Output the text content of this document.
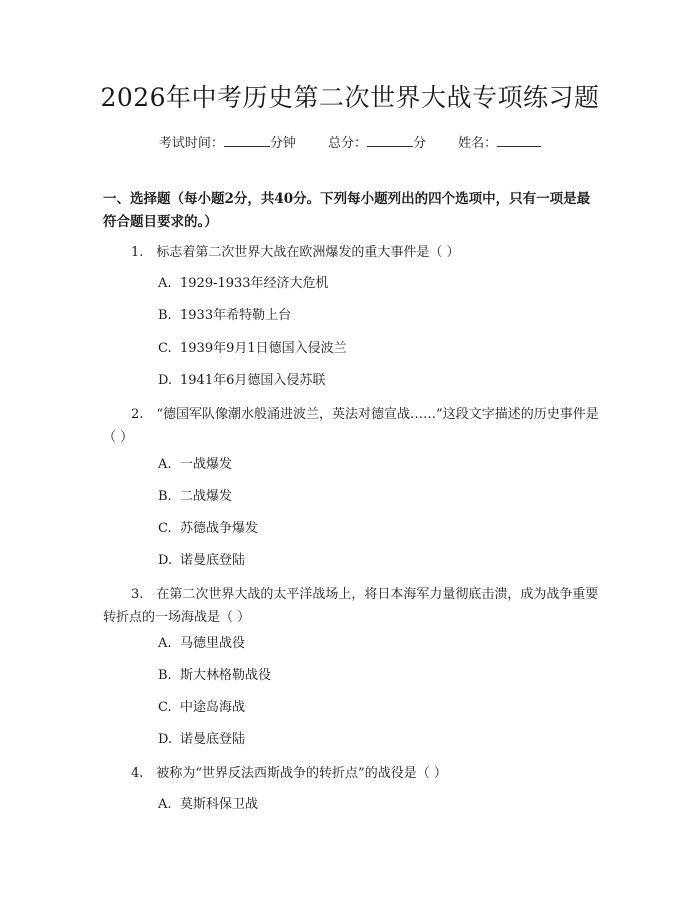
2026年中考历史第二次世界大战专项练习题
考试时间：	分钟 总分：	分 姓名：
一、选择题（每小题2分，共40分。下列每小题列出的四个选项中，只有一项是最符合题目要求的。）
1.　标志着第二次世界大战在欧洲爆发的重大事件是（ ）
A. 1929-1933年经济大危机
B. 1933年希特勒上台
C. 1939年9月1日德国入侵波兰
D. 1941年6月德国入侵苏联
2.　“德国军队像潮水般涌进波兰，英法对德宣战……”这段文字描述的历史事件是（ ）
A. 一战爆发
B. 二战爆发
C. 苏德战争爆发
D. 诺曼底登陆
3.　在第二次世界大战的太平洋战场上，将日本海军力量彻底击溃，成为战争重要转折点的一场海战是（ ）
A. 马德里战役
B. 斯大林格勒战役
C. 中途岛海战
D. 诺曼底登陆
4.　被称为“世界反法西斯战争的转折点”的战役是（ ）
A. 莫斯科保卫战
